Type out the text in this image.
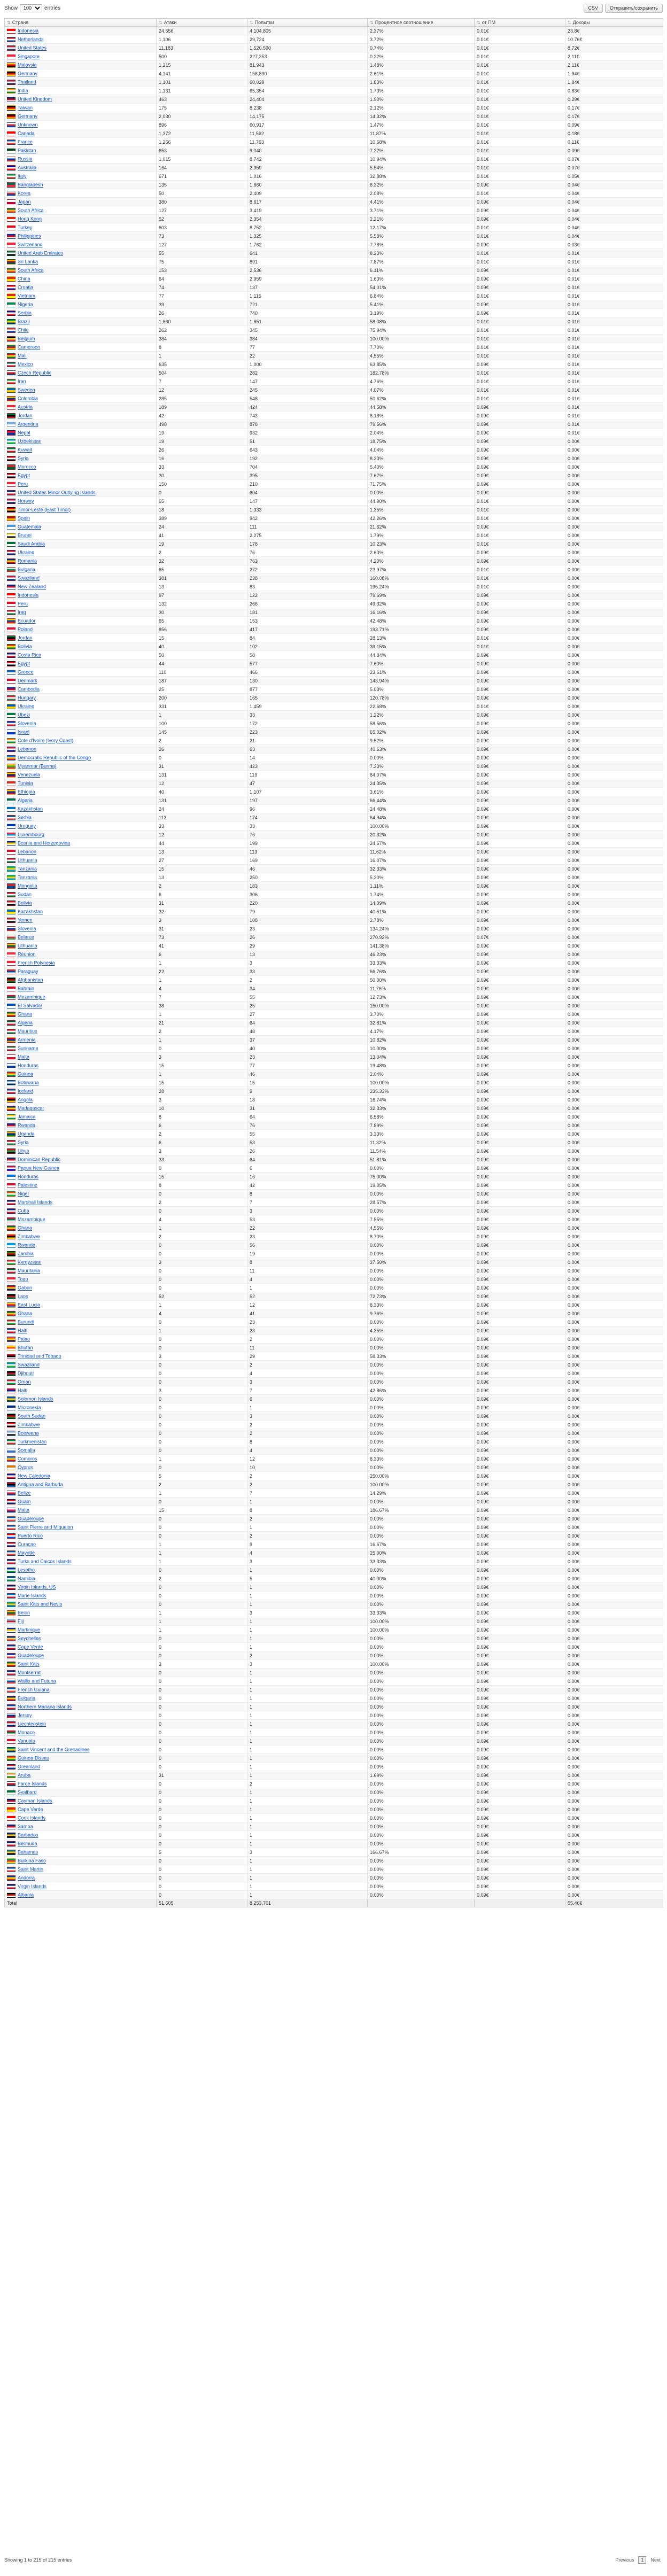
Show
100	entries	CSV	Отправить/сохранить
⇅ Страна	⇅ Атаки	⇅ Попытки	⇅ Процентное соотношение	⇅ от ПМ	⇅ Доходы
Indonesia	24,556	4,104,805	2.37%	0.01€	23.8€
Netherlands	1,106	29,724	3.72%	0.01€	10.76€
United States	11,183	1,520,590	0.74%	0.01€	8.72€
Singapore	500	227,353	0.22%	0.01€	2.11€
Malaysia	1,215	81,943	1.48%	0.01€	2.11€
Germany	4,141	158,890	2.61%	0.01€	1.94€
Thailand	1,101	60,029	1.83%	0.01€	1.84€
India	1,131	65,354	1.73%	0.01€	0.83€
United Kingdom	463	24,404	1.90%	0.01€	0.29€
Taiwan	175	8,238	2.12%	0.01€	0.17€
Germany	2,030	14,175	14.32%	0.01€	0.17€
Unknown	896	60,917	1.47%	0.01€	0.09€
Canada	1,372	11,562	11.87%	0.01€	0.18€
France	1,256	11,763	10.68%	0.01€	0.11€
Pakistan	653	9,040	7.22%	0.01€	0.09€
Russia	1,015	8,742	10.94%	0.01€	0.07€
Australia	164	2,959	5.54%	0.01€	0.07€
Italy	671	1,016	32.88%	0.01€	0.05€
Bangladesh	135	1,660	8.32%	0.09€	0.04€
Korea	50	2,409	2.08%	0.01€	0.04€
Japan	380	8,617	4.41%	0.09€	0.04€
South Africa	127	3,419	3.71%	0.09€	0.04€
Hong Kong	52	2,354	2.21%	0.09€	0.04€
Turkey	603	8,752	12.17%	0.01€	0.04€
Philippines	73	1,325	5.58%	0.01€	0.04€
Switzerland	127	1,762	7.78%	0.09€	0.03€
United Arab Emirates	55	641	8.23%	0.01€	0.01€
Sri Lanka	75	891	7.87%	0.01€	0.01€
South Africa	153	2,536	6.11%	0.09€	0.01€
China	64	2,959	1.63%	0.09€	0.01€
Croatia	74	137	54.01%	0.09€	0.01€
Vietnam	77	1,115	6.84%	0.01€	0.01€
Nigeria	39	721	5.41%	0.09€	0.01€
Serbia	26	740	3.19%	0.09€	0.01€
Brazil	1,660	1,651	58.08%	0.01€	0.01€
Chile	262	345	75.94%	0.01€	0.01€
Belgium	384	384	100.00%	0.01€	0.01€
Cameroon	8	77	7.70%	0.01€	0.01€
Mali	1	22	4.55%	0.01€	0.01€
Mexico	635	1,000	63.85%	0.09€	0.01€
Czech Republic	504	282	182.78%	0.01€	0.01€
Iran	7	147	4.76%	0.01€	0.01€
Sweden	12	245	4.07%	0.01€	0.01€
Colombia	285	548	50.62%	0.01€	0.01€
Austria	189	424	44.58%	0.09€	0.01€
Jordan	42	743	8.18%	0.09€	0.01€
Argentina	498	878	79.56%	0.09€	0.01€
Nepal	19	932	2.04%	0.09€	0.01€
Uzbekistan	19	51	18.75%	0.09€	0.00€
Kuwait	26	643	4.04%	0.09€	0.00€
Syria	16	192	8.33%	0.09€	0.00€
Morocco	33	704	5.40%	0.09€	0.00€
Egypt	30	395	7.67%	0.09€	0.00€
Peru	150	210	71.75%	0.09€	0.00€
United States Minor Outlying Islands	0	604	0.00%	0.09€	0.00€
Norway	65	147	44.90%	0.01€	0.00€
Timor-Leste (East Timor)	18	1,333	1.35%	0.01€	0.00€
Spain	389	942	42.26%	0.01€	0.00€
Guatemala	24	111	21.62%	0.09€	0.00€
Brunei	41	2,275	1.79%	0.01€	0.00€
Saudi Arabia	19	178	10.23%	0.01€	0.00€
Ukraine	2	76	2.63%	0.09€	0.00€
Romania	32	763	4.20%	0.09€	0.00€
Bulgaria	65	272	23.97%	0.01€	0.00€
Swaziland	381	238	160.08%	0.01€	0.00€
New Zealand	13	83	195.24%	0.01€	0.00€
Indonesia	97	122	79.69%	0.09€	0.00€
Peru	132	266	49.32%	0.09€	0.00€
Iraq	30	181	16.16%	0.09€	0.00€
Ecuador	65	153	42.48%	0.09€	0.00€
Poland	856	417	193.71%	0.09€	0.00€
Jordan	15	84	28.13%	0.01€	0.00€
Bolivia	40	102	39.15%	0.01€	0.00€
Costa Rica	50	58	44.84%	0.09€	0.00€
Egypt	44	577	7.60%	0.09€	0.00€
Greece	110	466	23.61%	0.09€	0.00€
Denmark	187	130	143.94%	0.09€	0.00€
Cambodia	25	877	5.03%	0.09€	0.00€
Hungary	200	165	120.78%	0.09€	0.00€
Ukraine	331	1,459	22.68%	0.01€	0.00€
Ubezi	1	33	1.22%	0.09€	0.00€
Slovenia	100	172	58.56%	0.09€	0.00€
Israel	145	223	65.02%	0.09€	0.00€
Cote d'Ivoire (Ivory Coast)	2	21	9.52%	0.09€	0.00€
Lebanon	26	63	40.63%	0.09€	0.00€
Democratic Republic of the Congo	0	14	0.00%	0.09€	0.00€
Myanmar (Burma)	31	423	7.33%	0.09€	0.00€
Venezuela	131	119	84.07%	0.09€	0.00€
Tunisia	12	47	24.35%	0.09€	0.00€
Ethiopia	40	1,107	3.61%	0.09€	0.00€
Algeria	131	197	66.44%	0.09€	0.00€
Kazakhstan	24	96	24.48%	0.09€	0.00€
Serbia	113	174	64.94%	0.09€	0.00€
Uruguay	33	33	100.00%	0.09€	0.00€
Luxembourg	12	76	20.32%	0.09€	0.00€
Bosnia and Herzegovina	44	199	24.67%	0.09€	0.00€
Lebanon	13	113	11.62%	0.09€	0.00€
Lithuania	27	169	16.07%	0.09€	0.00€
Tanzania	15	46	32.33%	0.09€	0.00€
Tanzania	13	250	5.20%	0.09€	0.00€
Mongolia	2	183	1.11%	0.09€	0.00€
Sudan	6	306	1.74%	0.09€	0.00€
Bolivia	31	220	14.09%	0.09€	0.00€
Kazakhstan	32	79	40.51%	0.09€	0.00€
Yemen	3	108	2.78%	0.09€	0.00€
Slovenia	31	23	134.24%	0.09€	0.00€
Belarus	73	26	270.92%	0.07€	0.00€
Lithuania	41	29	141.38%	0.09€	0.00€
Réunion	6	13	46.23%	0.09€	0.00€
French Polynesia	1	3	33.33%	0.09€	0.00€
Paraguay	22	33	66.76%	0.09€	0.00€
Afghanistan	1	2	50.00%	0.09€	0.00€
Bahrain	4	34	11.76%	0.09€	0.00€
Mozambique	7	55	12.73%	0.09€	0.00€
El Salvador	38	25	150.00%	0.09€	0.00€
Ghana	1	27	3.70%	0.09€	0.00€
Algeria	21	64	32.81%	0.09€	0.00€
Mauritius	2	48	4.17%	0.09€	0.00€
Armenia	1	37	10.82%	0.09€	0.00€
Suriname	0	40	10.00%	0.09€	0.00€
Malta	3	23	13.04%	0.09€	0.00€
Honduras	15	77	19.48%	0.09€	0.00€
Guinea	1	46	2.04%	0.09€	0.00€
Botswana	15	15	100.00%	0.09€	0.00€
Iceland	28	9	235.33%	0.09€	0.00€
Angola	3	18	16.74%	0.09€	0.00€
Madagascar	10	31	32.33%	0.09€	0.00€
Jamaica	8	64	6.58%	0.09€	0.00€
Rwanda	6	76	7.89%	0.09€	0.00€
Uganda	2	55	3.33%	0.09€	0.00€
Syria	6	53	11.32%	0.09€	0.00€
Libya	3	26	11.54%	0.09€	0.00€
Dominican Republic	33	64	51.81%	0.09€	0.00€
Papua New Guinea	0	6	0.00%	0.09€	0.00€
Honduras	15	16	75.00%	0.09€	0.00€
Palestine	8	42	19.05%	0.09€	0.00€
Niger	0	8	0.00%	0.09€	0.00€
Marshall Islands	2	7	28.57%	0.09€	0.00€
Cuba	0	3	0.00%	0.09€	0.00€
Mozambique	4	53	7.55%	0.09€	0.00€
Ghana	1	22	4.55%	0.09€	0.00€
Zimbabwe	2	23	8.70%	0.09€	0.00€
Rwanda	0	56	0.00%	0.09€	0.00€
Zambia	0	19	0.00%	0.09€	0.00€
Kyrgyzstan	3	8	37.50%	0.09€	0.00€
Mauritania	0	11	0.00%	0.09€	0.00€
Togo	0	4	0.00%	0.09€	0.00€
Gabon	0	1	0.00%	0.09€	0.00€
Laos	52	52	72.73%	0.09€	0.00€
East Lucia	1	12	8.33%	0.09€	0.00€
Ghana	4	41	9.76%	0.09€	0.00€
Burundi	0	23	0.00%	0.09€	0.00€
Haiti	1	23	4.35%	0.09€	0.00€
Palau	0	2	0.00%	0.09€	0.00€
Bhutan	0	11	0.00%	0.09€	0.00€
Trinidad and Tobago	3	29	58.33%	0.09€	0.00€
Swaziland	0	2	0.00%	0.09€	0.00€
Djibouti	0	4	0.00%	0.09€	0.00€
Oman	0	3	0.00%	0.09€	0.00€
Haiti	3	7	42.86%	0.09€	0.00€
Solomon Islands	0	6	0.00%	0.09€	0.00€
Micronesia	0	1	0.00%	0.09€	0.00€
South Sudan	0	3	0.00%	0.09€	0.00€
Zimbabwe	0	2	0.00%	0.09€	0.00€
Botswana	0	2	0.00%	0.09€	0.00€
Turkmenistan	0	8	0.00%	0.09€	0.00€
Somalia	0	4	0.00%	0.09€	0.00€
Comoros	1	12	8.33%	0.09€	0.00€
Cyprus	0	10	0.00%	0.09€	0.00€
New Caledonia	5	2	250.00%	0.09€	0.00€
Antigua and Barbuda	2	2	100.00%	0.09€	0.00€
Belize	1	7	14.29%	0.09€	0.00€
Guam	0	1	0.00%	0.09€	0.00€
Malta	15	8	186.67%	0.09€	0.00€
Guadeloupe	0	2	0.00%	0.09€	0.00€
Saint Pierre and Miquelon	0	1	0.00%	0.09€	0.00€
Puerto Rico	0	2	0.00%	0.09€	0.00€
Curaçao	1	9	16.67%	0.09€	0.00€
Mayotte	1	4	25.00%	0.09€	0.00€
Turks and Caicos Islands	1	3	33.33%	0.09€	0.00€
Lesotho	0	1	0.00%	0.09€	0.00€
Namibia	2	5	40.00%	0.09€	0.00€
Virgin Islands, US	0	1	0.00%	0.09€	0.00€
Marie Islands	0	1	0.00%	0.09€	0.00€
Saint Kitts and Nevis	0	1	0.00%	0.09€	0.00€
Benin	1	3	33.33%	0.09€	0.00€
Fiji	1	1	100.00%	0.09€	0.00€
Martinique	1	1	100.00%	0.09€	0.00€
Seychelles	0	1	0.00%	0.09€	0.00€
Cape Verde	0	1	0.00%	0.09€	0.00€
Guadeloupe	0	2	0.00%	0.09€	0.00€
Saint Kitts	3	3	100.00%	0.09€	0.00€
Montserrat	0	1	0.00%	0.09€	0.00€
Wallis and Futuna	0	1	0.00%	0.09€	0.00€
French Guiana	0	1	0.00%	0.09€	0.00€
Bulgaria	0	1	0.00%	0.09€	0.00€
Northern Mariana Islands	0	1	0.00%	0.09€	0.00€
Jersey	0	1	0.00%	0.09€	0.00€
Liechtenstein	0	1	0.00%	0.09€	0.00€
Monaco	0	1	0.00%	0.09€	0.00€
Vanuatu	0	1	0.00%	0.09€	0.00€
Saint Vincent and the Grenadines	0	1	0.00%	0.09€	0.00€
Guinea-Bissau	0	1	0.00%	0.09€	0.00€
Greenland	0	1	0.00%	0.09€	0.00€
Aruba	31	1	1.69%	0.09€	0.00€
Faroe Islands	0	2	0.00%	0.09€	0.00€
Svalbard	0	1	0.00%	0.09€	0.00€
Cayman Islands	0	1	0.00%	0.09€	0.00€
Cape Verde	0	1	0.00%	0.09€	0.00€
Cook Islands	0	1	0.00%	0.09€	0.00€
Samoa	0	1	0.00%	0.09€	0.00€
Barbados	0	1	0.00%	0.09€	0.00€
Bermuda	0	1	0.00%	0.09€	0.00€
Bahamas	5	3	166.67%	0.09€	0.00€
Burkina Faso	0	1	0.00%	0.09€	0.00€
Saint Martin	0	1	0.00%	0.09€	0.00€
Andorra	0	1	0.00%	0.09€	0.00€
Virgin Islands	0	1	0.00%	0.09€	0.00€
Albania	0	1	0.00%	0.09€	0.00€
Total	51,605	8,253,701			55.46€
Showing 1 to 215 of 215 entries	Previous	1	Next
